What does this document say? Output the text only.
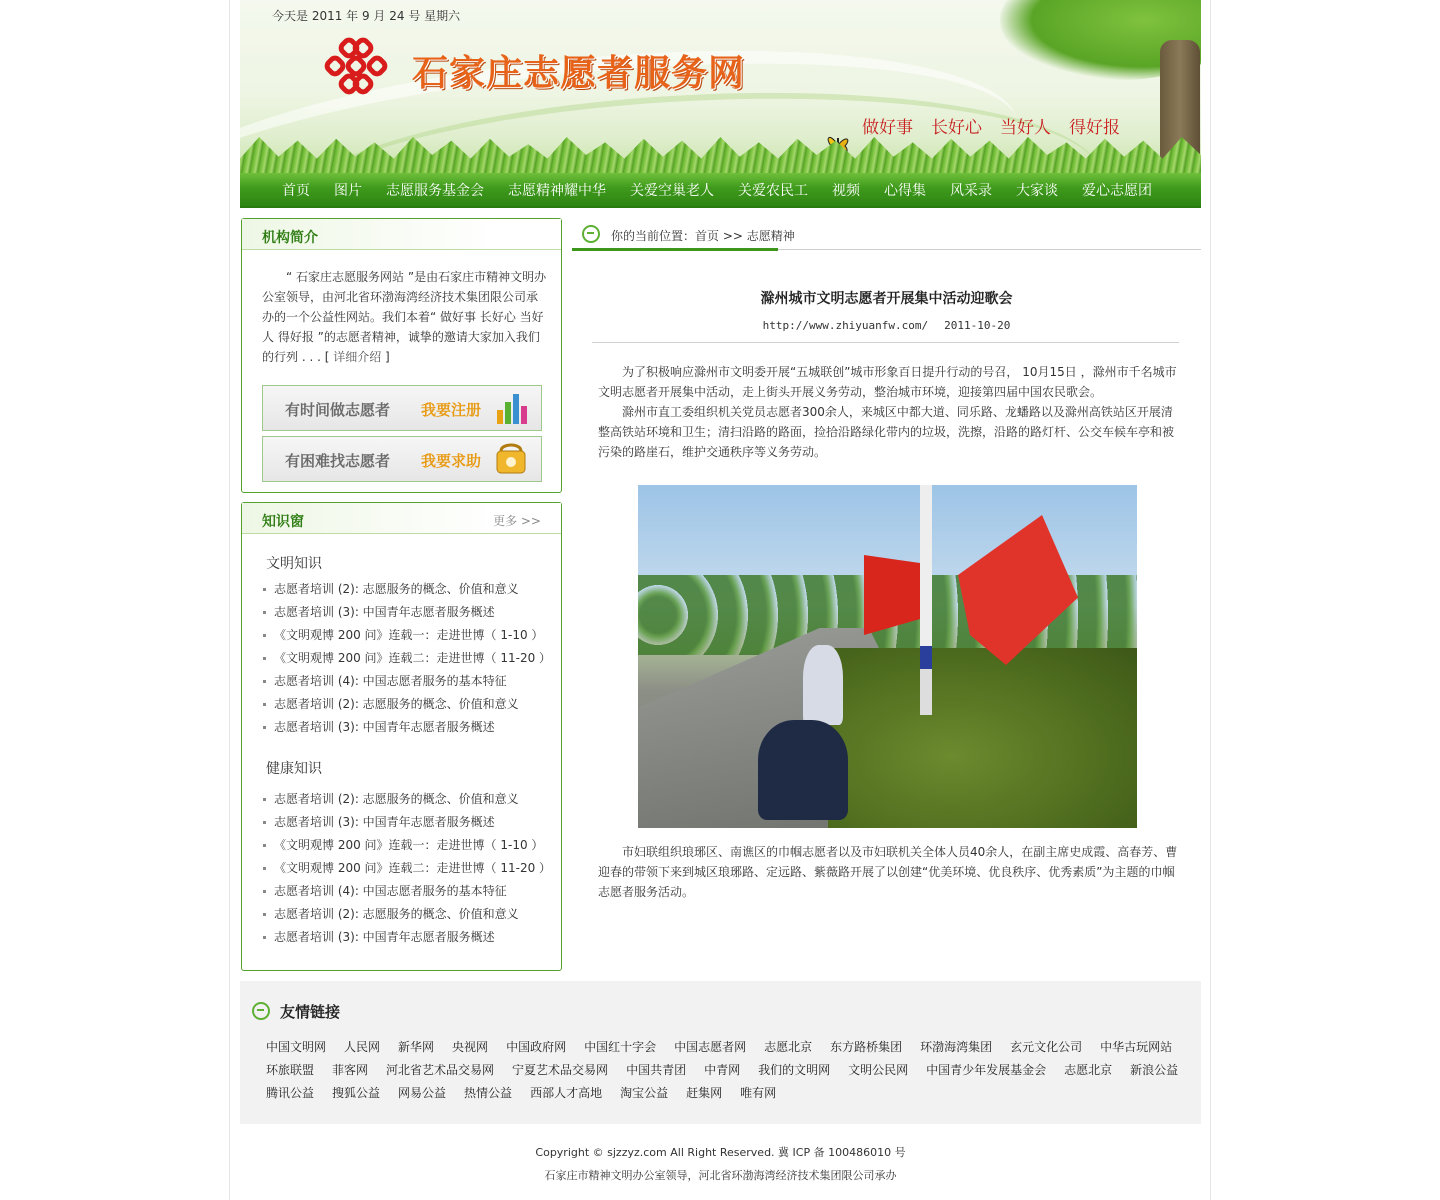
今天是 2011 年 9 月 24 号 星期六
石家庄志愿者服务网
做好事 长好心 当好人 得好报
首页 图片 志愿服务基金会 志愿精神耀中华 关爱空巢老人 关爱农民工 视频 心得集 风采录 大家谈 爱心志愿团
机构简介
“ 石家庄志愿服务网站 ”是由石家庄市精神文明办公室领导，由河北省环渤海湾经济技术集团限公司承办的一个公益性网站。我们本着“ 做好事 长好心 当好人 得好报 ”的志愿者精神，诚挚的邀请大家加入我们的行列 . . . [ 详细介绍 ]
有时间做志愿者 我要注册
有困难找志愿者 我要求助
知识窗	更多 >>
文明知识
志愿者培训 (2): 志愿服务的概念、价值和意义
志愿者培训 (3): 中国青年志愿者服务概述
《文明观博 200 问》连载一：走进世博（ 1-10 ）
《文明观博 200 问》连载二：走进世博（ 11-20 ）
志愿者培训 (4): 中国志愿者服务的基本特征
志愿者培训 (2): 志愿服务的概念、价值和意义
志愿者培训 (3): 中国青年志愿者服务概述
健康知识
志愿者培训 (2): 志愿服务的概念、价值和意义
志愿者培训 (3): 中国青年志愿者服务概述
《文明观博 200 问》连载一：走进世博（ 1-10 ）
《文明观博 200 问》连载二：走进世博（ 11-20 ）
志愿者培训 (4): 中国志愿者服务的基本特征
志愿者培训 (2): 志愿服务的概念、价值和意义
志愿者培训 (3): 中国青年志愿者服务概述
你的当前位置：首页 >> 志愿精神
滁州城市文明志愿者开展集中活动迎歌会
http://www.zhiyuanfw.com/ 2011-10-20
为了积极响应滁州市文明委开展“五城联创”城市形象百日提升行动的号召， 10月15日 ，滁州市千名城市文明志愿者开展集中活动，走上街头开展义务劳动，整治城市环境，迎接第四届中国农民歌会。
滁州市直工委组织机关党员志愿者300余人，来城区中都大道、同乐路、龙蟠路以及滁州高铁站区开展清整高铁站环境和卫生；清扫沿路的路面，捡拾沿路绿化带内的垃圾，洗擦，沿路的路灯杆、公交车候车亭和被污染的路崖石，维护交通秩序等义务劳动。
市妇联组织琅琊区、南谯区的巾帼志愿者以及市妇联机关全体人员40余人，在副主席史成霞、高春芳、曹迎春的带领下来到城区琅琊路、定远路、紫薇路开展了以创建“优美环境、优良秩序、优秀素质”为主题的巾帼志愿者服务活动。
友情链接
中国文明网 人民网 新华网 央视网 中国政府网 中国红十字会 中国志愿者网 志愿北京 东方路桥集团 环渤海湾集团 玄元文化公司 中华古玩网站
环旅联盟 菲客网 河北省艺术品交易网 宁夏艺术品交易网 中国共青团 中青网 我们的文明网 文明公民网 中国青少年发展基金会 志愿北京 新浪公益
腾讯公益 搜狐公益 网易公益 热情公益 西部人才高地 淘宝公益 赶集网 唯有网
Copyright © sjzzyz.com All Right Reserved. 冀 ICP 备 100486010 号
石家庄市精神文明办公室领导，河北省环渤海湾经济技术集团限公司承办
